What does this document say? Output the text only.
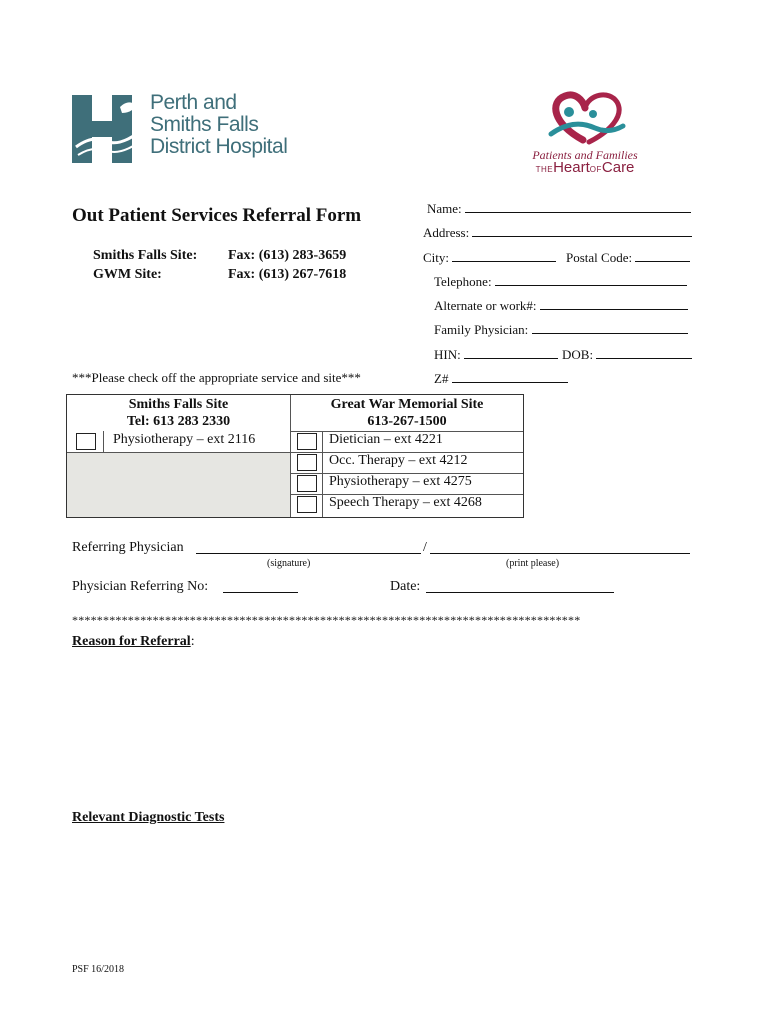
Perth and
Smiths Falls
District Hospital	Patients and Families
THEHeartOFCare
Out Patient Services Referral Form
Smiths Falls Site: Fax: (613) 283-3659
GWM Site:	Fax: (613) 267-7618
Name:
Address:
City:	Postal Code:
Telephone:
Alternate or work#:
Family Physician:
HIN:	DOB:
Z#
***Please check off the appropriate service and site***
Smiths Falls Site
Tel: 613 283 2330
Great War Memorial Site
613-267-1500
Physiotherapy – ext 2116	Dietician – ext 4221
Occ. Therapy – ext 4212
Physiotherapy – ext 4275
Speech Therapy – ext 4268
Referring Physician	/
(signature)	(print please)
Physician Referring No:	Date:
**********************************************************************************
Reason for Referral:
Relevant Diagnostic Tests
PSF 16/2018
